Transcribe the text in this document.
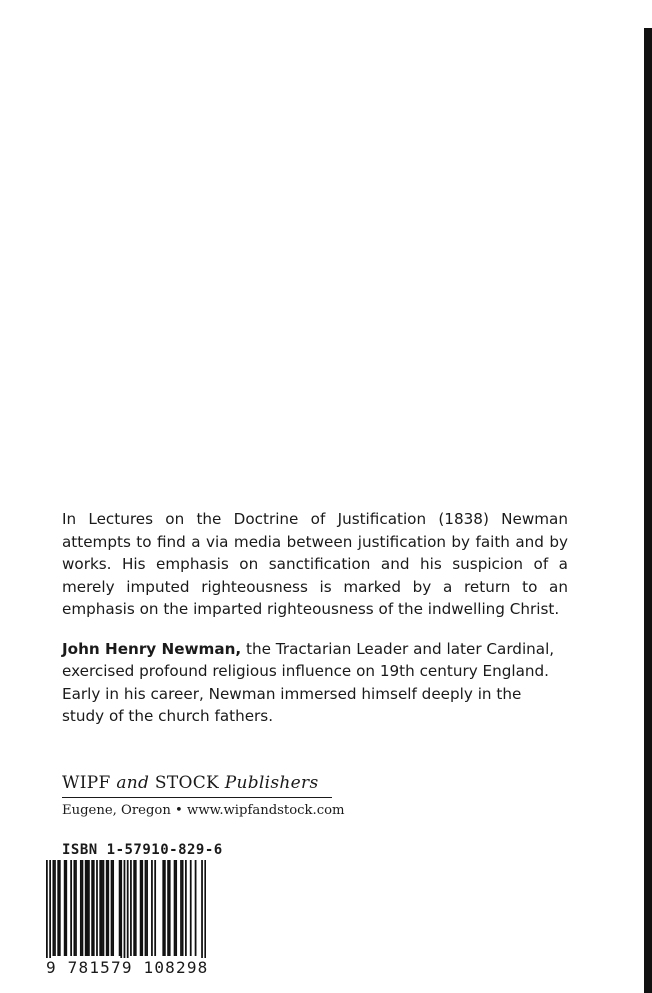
In Lectures on the Doctrine of Justification (1838) Newman attempts to find a via media between justification by faith and by works. His emphasis on sanctification and his suspicion of a merely imputed righteousness is marked by a return to an emphasis on the imparted righteousness of the indwelling Christ.

John Henry Newman, the Tractarian Leader and later Cardinal, exercised profound religious influence on 19th century England. Early in his career, Newman immersed himself deeply in the study of the church fathers.

WIPF and STOCK Publishers
Eugene, Oregon • www.wipfandstock.com
ISBN 1-57910-829-6
9 781579 108298
